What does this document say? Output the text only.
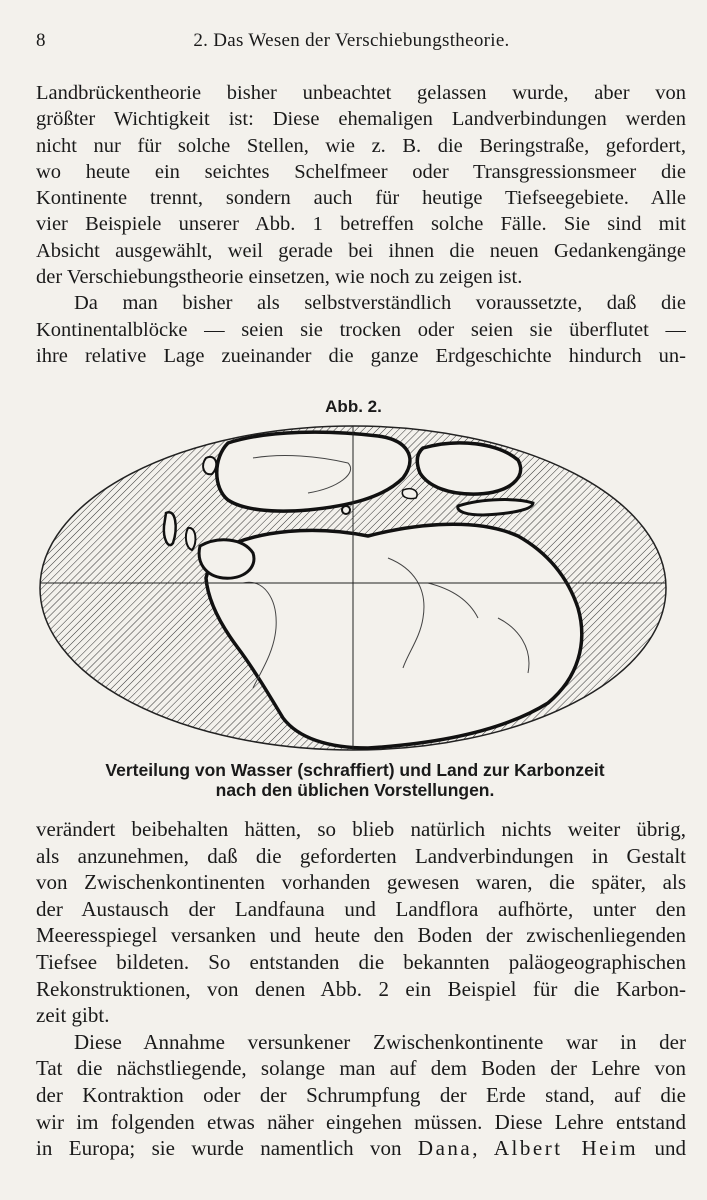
8	2. Das Wesen der Verschiebungstheorie.
Landbrückentheorie bisher unbeachtet gelassen wurde, aber von
größter Wichtigkeit ist: Diese ehemaligen Landverbindungen werden
nicht nur für solche Stellen, wie z. B. die Beringstraße, gefordert,
wo heute ein seichtes Schelfmeer oder Transgressionsmeer die
Kontinente trennt, sondern auch für heutige Tiefseegebiete. Alle
vier Beispiele unserer Abb. 1 betreffen solche Fälle. Sie sind mit
Absicht ausgewählt, weil gerade bei ihnen die neuen Gedankengänge
der Verschiebungstheorie einsetzen, wie noch zu zeigen ist.
Da man bisher als selbstverständlich voraussetzte, daß die
Kontinentalblöcke — seien sie trocken oder seien sie überflutet —
ihre relative Lage zueinander die ganze Erdgeschichte hindurch un-
Abb. 2.
Verteilung von Wasser (schraffiert) und Land zur Karbonzeit
nach den üblichen Vorstellungen.
verändert beibehalten hätten, so blieb natürlich nichts weiter übrig,
als anzunehmen, daß die geforderten Landverbindungen in Gestalt
von Zwischenkontinenten vorhanden gewesen waren, die später, als
der Austausch der Landfauna und Landflora aufhörte, unter den
Meeresspiegel versanken und heute den Boden der zwischenliegenden
Tiefsee bildeten. So entstanden die bekannten paläogeographischen
Rekonstruktionen, von denen Abb. 2 ein Beispiel für die Karbon-
zeit gibt.
Diese Annahme versunkener Zwischenkontinente war in der
Tat die nächstliegende, solange man auf dem Boden der Lehre von
der Kontraktion oder der Schrumpfung der Erde stand, auf die
wir im folgenden etwas näher eingehen müssen. Diese Lehre entstand
in Europa; sie wurde namentlich von Dana, Albert Heim und
